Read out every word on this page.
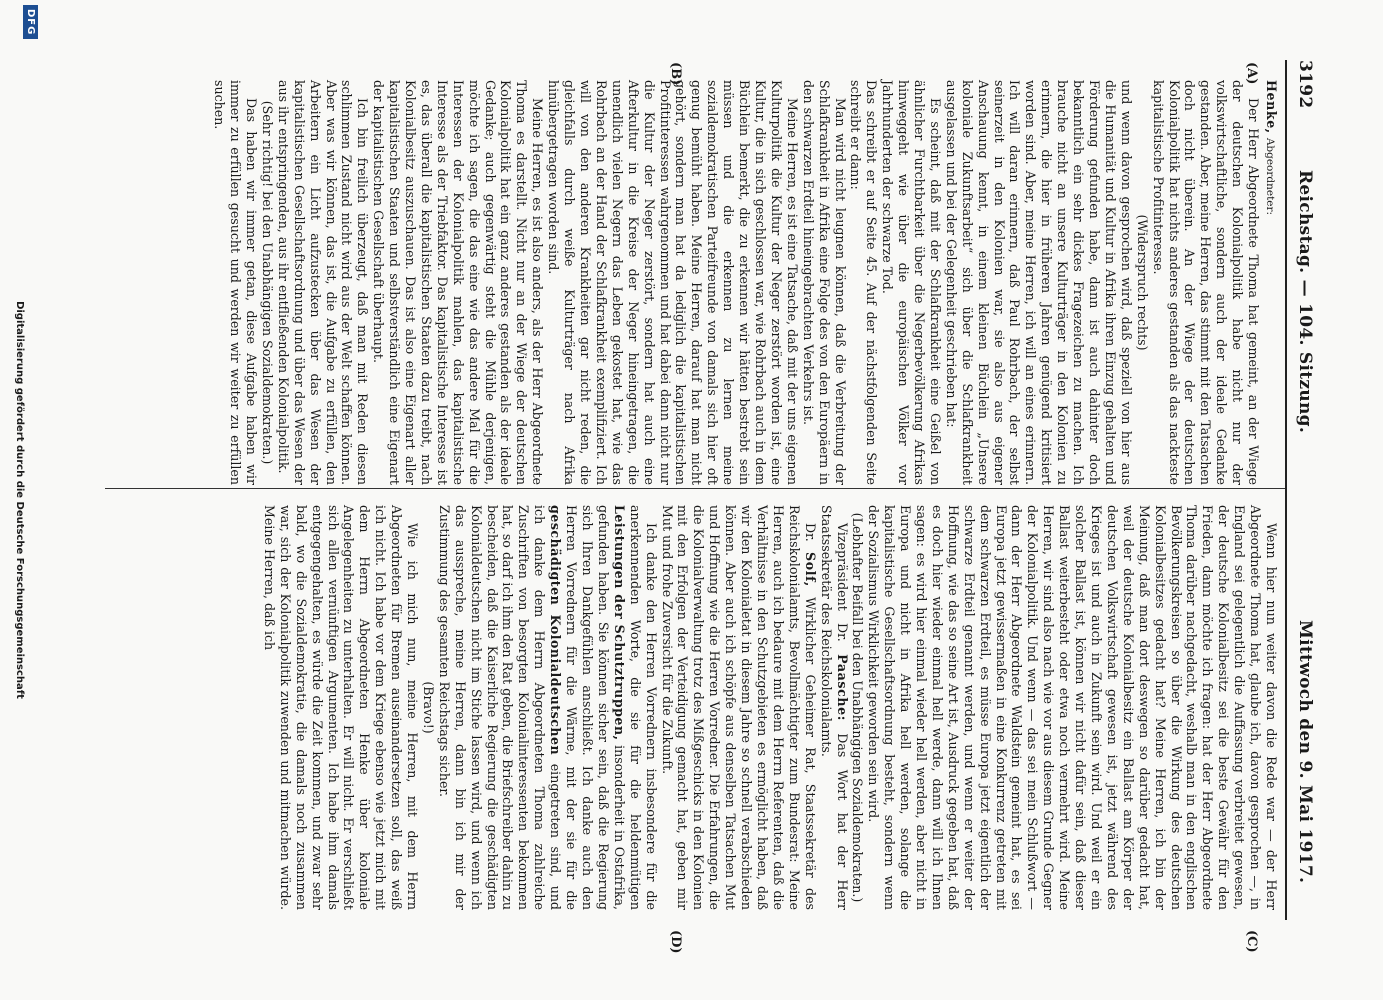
3192
Reichstag. — 104. Sitzung.
Mittwoch den 9. Mai 1917.
(A)
(B)
(C)
(D)

Henke, Abgeordneter:

Der Herr Abgeordnete Thoma hat gemeint, an der Wiege der deutschen Kolonialpolitik habe nicht nur der volkswirtschaftliche, sondern auch der ideale Gedanke gestanden. Aber, meine Herren, das stimmt mit den Tatsachen doch nicht überein. An der Wiege der deutschen Kolonialpolitik hat nichts anderes gestanden als das nackteste kapitalistische Profitinteresse.

(Widerspruch rechts)

und wenn davon gesprochen wird, daß speziell von hier aus die Humanität und Kultur in Afrika ihren Einzug gehalten und Förderung gefunden habe, dann ist auch dahinter doch bekanntlich ein sehr dickes Fragezeichen zu machen. Ich brauche nicht an unsere Kulturträger in den Kolonien zu erinnern, die hier in früheren Jahren genügend kritisiert worden sind. Aber, meine Herren, ich will an eines erinnern. Ich will daran erinnern, daß Paul Rohrbach, der selbst seinerzeit in den Kolonien war, sie also aus eigener Anschauung kennt, in einem kleinen Büchlein „Unsere koloniale Zukunftsarbeit“ sich über die Schlafkrankheit ausgelassen und bei der Gelegenheit geschrieben hat:

Es scheint, daß mit der Schlafkrankheit eine Geißel von ähnlicher Furchtbarkeit über die Negerbevölkerung Afrikas hinweggeht wie über die europäischen Völker vor Jahrhunderten der schwarze Tod.

Das schreibt er auf Seite 45. Auf der nächstfolgenden Seite schreibt er dann:

Man wird nicht leugnen können, daß die Verbreitung der Schlafkrankheit in Afrika eine Folge des von den Europäern in den schwarzen Erdteil hineingebrachten Verkehrs ist.

Meine Herren, es ist eine Tatsache, daß mit der uns eigenen Kulturpolitik die Kultur der Neger zerstört worden ist, eine Kultur, die in sich geschlossen war, wie Rohrbach auch in dem Büchlein bemerkt, die zu erkennen wir hätten bestrebt sein müssen und die erkennen zu lernen meine sozialdemokratischen Parteifreunde von damals sich hier oft genug bemüht haben. Meine Herren, darauf hat man nicht gehört, sondern man hat da lediglich die kapitalistischen Profitinteressen wahrgenommen und hat dabei dann nicht nur die Kultur der Neger zerstört, sondern hat auch eine Afterkultur in die Kreise der Neger hineingetragen, die unendlich vielen Negern das Leben gekostet hat, wie das Rohrbach an der Hand der Schlafkrankheit exemplifiziert. Ich will von den anderen Krankheiten gar nicht reden, die gleichfalls durch weiße Kulturträger nach Afrika hinübergetragen worden sind.

Meine Herren, es ist also anders, als der Herr Abgeordnete Thoma es darstellt. Nicht nur an der Wiege der deutschen Kolonialpolitik hat ein ganz anderes gestanden als der ideale Gedanke; auch gegenwärtig steht die Mühle derjenigen, möchte ich sagen, die das eine wie das andere Mal für die Interessen der Kolonialpolitik mahlen, das kapitalistische Interesse als der Triebfaktor. Das kapitalistische Interesse ist es, das überall die kapitalistischen Staaten dazu treibt, nach Kolonialbesitz auszuschauen. Das ist also eine Eigenart aller kapitalistischen Staaten und selbstverständlich eine Eigenart der kapitalistischen Gesellschaft überhaupt.

Ich bin freilich überzeugt, daß man mit Reden diesen schlimmen Zustand nicht wird aus der Welt schaffen können. Aber was wir können, das ist, die Aufgabe zu erfüllen, den Arbeitern ein Licht aufzustecken über das Wesen der kapitalistischen Gesellschaftsordnung und über das Wesen der aus ihr entspringenden, aus ihr entfließenden Kolonialpolitik.

(Sehr richtig! bei den Unabhängigen Sozialdemokraten.)

Das haben wir immer getan, diese Aufgabe haben wir immer zu erfüllen gesucht und werden wir weiter zu erfüllen suchen.

Wenn hier nun weiter davon die Rede war — der Herr Abgeordnete Thoma hat, glaube ich, davon gesprochen —, in England sei gelegentlich die Auffassung verbreitet gewesen, der deutsche Kolonialbesitz sei die beste Gewähr für den Frieden, dann möchte ich fragen: hat der Herr Abgeordnete Thoma darüber nachgedacht, weshalb man in den englischen Bevölkerungskreisen so über die Wirkung des deutschen Kolonialbesitzes gedacht hat? Meine Herren, ich bin der Meinung, daß man dort deswegen so darüber gedacht hat, weil der deutsche Kolonialbesitz ein Ballast am Körper der deutschen Volkswirtschaft gewesen ist, jetzt während des Krieges ist und auch in Zukunft sein wird. Und weil er ein solcher Ballast ist, können wir nicht dafür sein, daß dieser Ballast weiterbesteht oder etwa noch vermehrt wird. Meine Herren, wir sind also nach wie vor aus diesem Grunde Gegner der Kolonialpolitik. Und wenn — das sei mein Schlußwort — dann der Herr Abgeordnete Waldstein gemeint hat, es sei Europa jetzt gewissermaßen in eine Konkurrenz getreten mit dem schwarzen Erdteil, es müsse Europa jetzt eigentlich der schwarze Erdteil genannt werden, und wenn er weiter der Hoffnung, wie das so seine Art ist, Ausdruck gegeben hat, daß es doch hier wieder einmal hell werde, dann will ich Ihnen sagen: es wird hier einmal wieder hell werden, aber nicht in Europa und nicht in Afrika hell werden, solange die kapitalistische Gesellschaftsordnung besteht, sondern wenn der Sozialismus Wirklichkeit geworden sein wird.

(Lebhafter Beifall bei den Unabhängigen Sozialdemokraten.)

Vizepräsident Dr. Paasche: Das Wort hat der Herr Staatssekretär des Reichskolonialamts.

Dr. Solf, Wirklicher Geheimer Rat, Staatssekretär des Reichskolonialamts, Bevollmächtigter zum Bundesrat: Meine Herren, auch ich bedaure mit dem Herrn Referenten, daß die Verhältnisse in den Schutzgebieten es ermöglicht haben, daß wir den Kolonialetat in diesem Jahre so schnell verabschieden können. Aber auch ich schöpfe aus denselben Tatsachen Mut und Hoffnung wie die Herren Vorredner. Die Erfahrungen, die die Kolonialverwaltung trotz des Mißgeschicks in den Kolonien mit den Erfolgen der Verteidigung gemacht hat, geben mir Mut und frohe Zuversicht für die Zukunft.

Ich danke den Herren Vorrednern insbesondere für die anerkennenden Worte, die sie für die heldenmütigen Leistungen der Schutztruppen, insonderheit in Ostafrika, gefunden haben. Sie können sicher sein, daß die Regierung sich Ihren Dankgefühlen anschließt. Ich danke auch den Herren Vorrednern für die Wärme, mit der sie für die geschädigten Kolonialdeutschen eingetreten sind, und ich danke dem Herrn Abgeordneten Thoma zahlreiche Zuschriften von besorgten Kolonialinteressenten bekommen hat, so darf ich ihm den Rat geben, die Briefschreiber dahin zu bescheiden, daß die Kaiserliche Regierung die geschädigten Kolonialdeutschen nicht im Stiche lassen wird, und wenn ich das ausspreche, meine Herren, dann bin ich mir der Zustimmung des gesamten Reichstags sicher.

(Bravo!)

Wie ich mich nun, meine Herren, mit dem Herrn Abgeordneten für Bremen auseinandersetzen soll, das weiß ich nicht. Ich habe vor dem Kriege ebenso wie jetzt mich mit dem Herrn Abgeordneten Henke über koloniale Angelegenheiten zu unterhalten. Er will nicht. Er verschließt sich allen vernünftigen Argumenten. Ich habe ihm damals entgegengehalten, es würde die Zeit kommen, und zwar sehr bald, wo die Sozialdemokratie, die damals noch zusammen war, sich der Kolonialpolitik zuwenden und mitmachen würde. Meine Herren, daß ich

Digitalisierung gefördert durch die Deutsche Forschungsgemeinschaft
DFG
